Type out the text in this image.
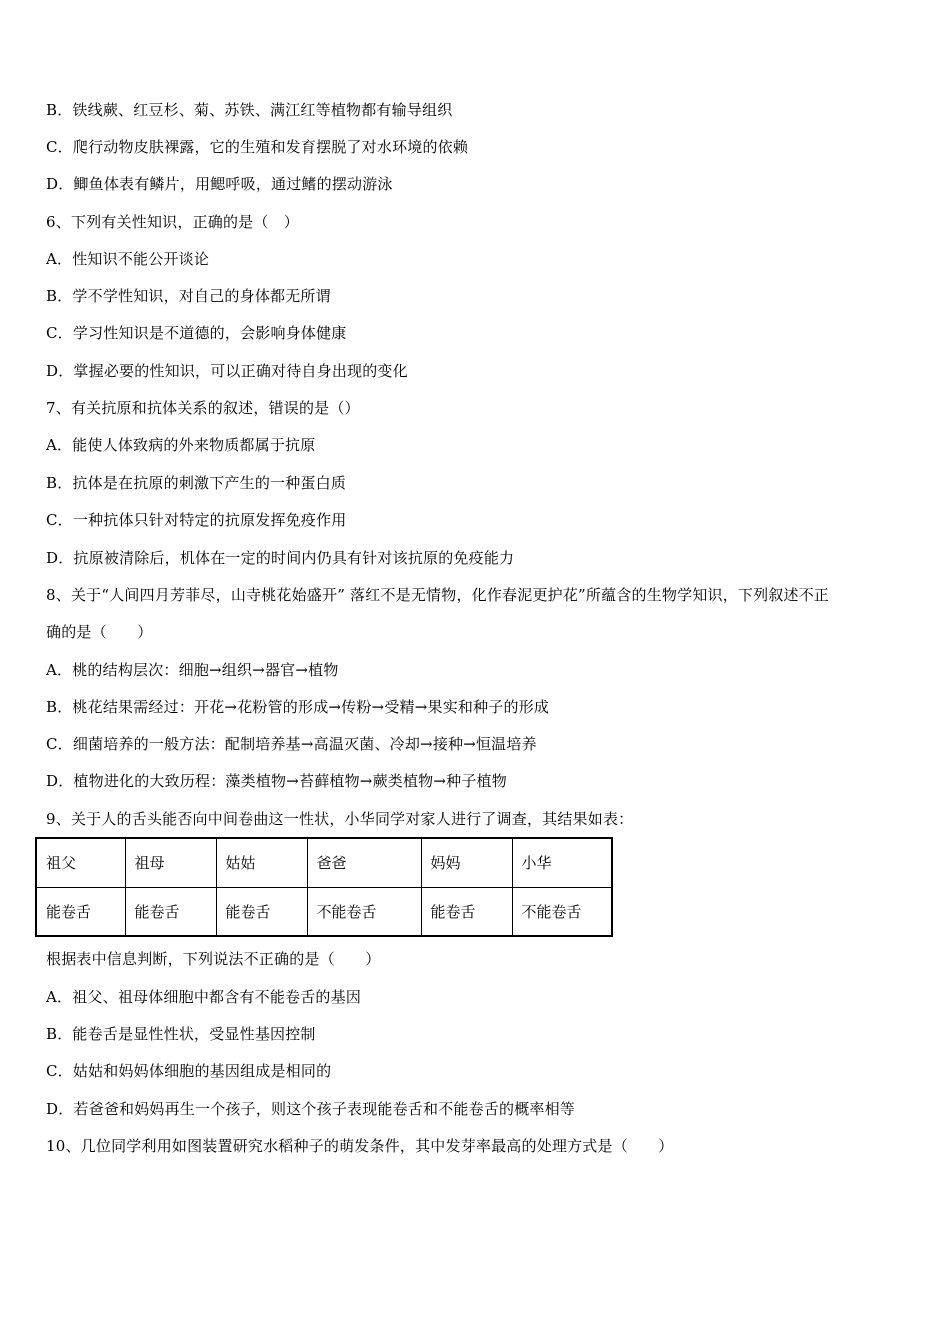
B．铁线蕨、红豆杉、菊、苏铁、满江红等植物都有输导组织
C．爬行动物皮肤裸露，它的生殖和发育摆脱了对水环境的依赖
D．鲫鱼体表有鳞片，用鳃呼吸，通过鳍的摆动游泳
6、下列有关性知识，正确的是（　）
A．性知识不能公开谈论
B．学不学性知识，对自己的身体都无所谓
C．学习性知识是不道德的，会影响身体健康
D．掌握必要的性知识，可以正确对待自身出现的变化
7、有关抗原和抗体关系的叙述，错误的是（）
A．能使人体致病的外来物质都属于抗原
B．抗体是在抗原的刺激下产生的一种蛋白质
C．一种抗体只针对特定的抗原发挥免疫作用
D．抗原被清除后，机体在一定的时间内仍具有针对该抗原的免疫能力
8、关于“人间四月芳菲尽，山寺桃花始盛开” 落红不是无情物，化作春泥更护花”所蕴含的生物学知识，下列叙述不正
确的是（　　）
A．桃的结构层次：细胞→组织→器官→植物
B．桃花结果需经过：开花→花粉管的形成→传粉→受精→果实和种子的形成
C．细菌培养的一般方法：配制培养基→高温灭菌、冷却→接种→恒温培养
D．植物进化的大致历程：藻类植物→苔藓植物→蕨类植物→种子植物
9、关于人的舌头能否向中间卷曲这一性状，小华同学对家人进行了调查，其结果如表：
祖父	祖母	姑姑	爸爸	妈妈	小华
能卷舌	能卷舌	能卷舌	不能卷舌	能卷舌	不能卷舌
根据表中信息判断，下列说法不正确的是（　　）
A．祖父、祖母体细胞中都含有不能卷舌的基因
B．能卷舌是显性性状，受显性基因控制
C．姑姑和妈妈体细胞的基因组成是相同的
D．若爸爸和妈妈再生一个孩子，则这个孩子表现能卷舌和不能卷舌的概率相等
10、几位同学利用如图装置研究水稻种子的萌发条件，其中发芽率最高的处理方式是（　　）
